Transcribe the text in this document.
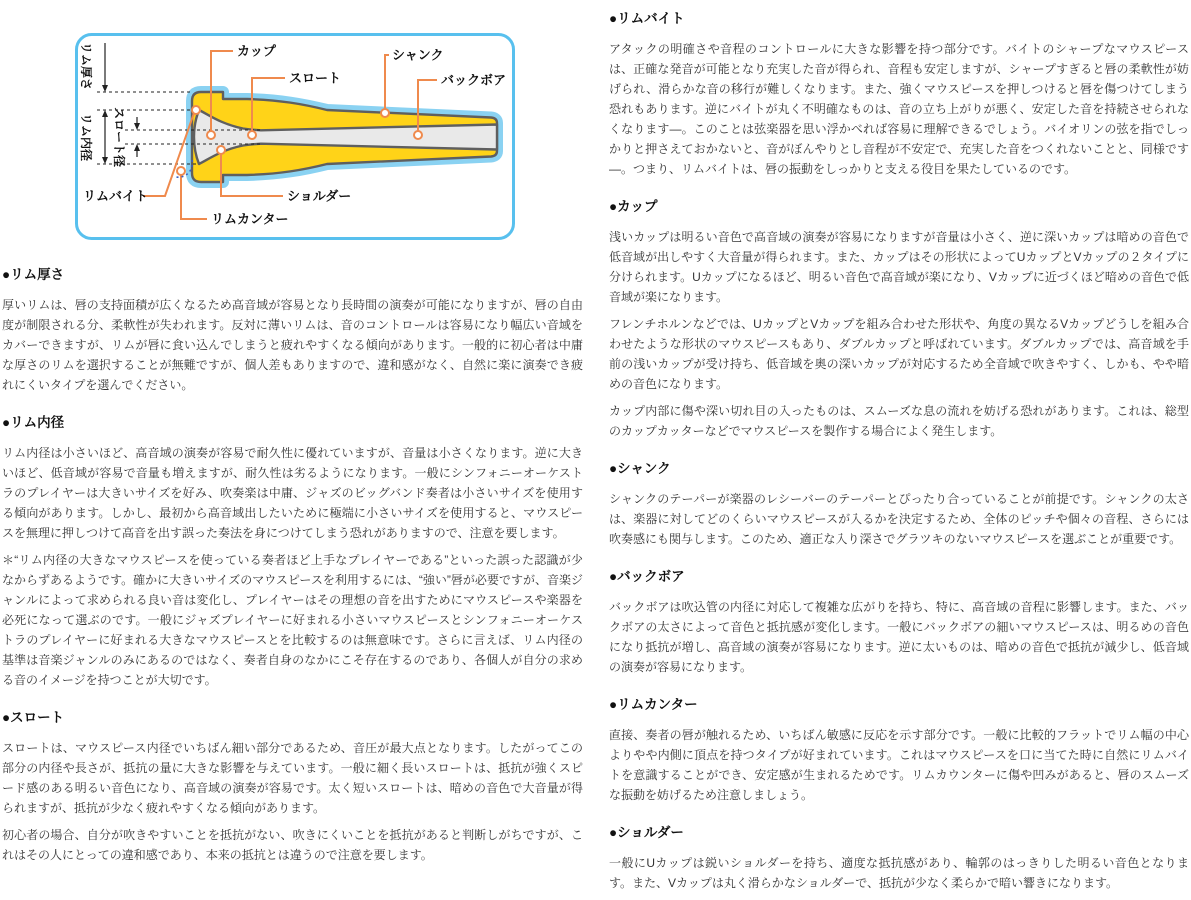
リム厚さ
リム内径 スロート径
カップ
スロート
シャンク
バックボア
リムバイト	ショルダー
リムカンター
●リム厚さ

厚いリムは、唇の支持面積が広くなるため高音域が容易となり長時間の演奏が可能になりますが、唇の自由度が制限される分、柔軟性が失われます。反対に薄いリムは、音のコントロールは容易になり幅広い音域をカバーできますが、リムが唇に食い込んでしまうと疲れやすくなる傾向があります。一般的に初心者は中庸な厚さのリムを選択することが無難ですが、個人差もありますので、違和感がなく、自然に楽に演奏でき疲れにくいタイプを選んでください。

●リム内径

リム内径は小さいほど、高音域の演奏が容易で耐久性に優れていますが、音量は小さくなります。逆に大きいほど、低音域が容易で音量も増えますが、耐久性は劣るようになります。一般にシンフォニーオーケストラのプレイヤーは大きいサイズを好み、吹奏楽は中庸、ジャズのビッグバンド奏者は小さいサイズを使用する傾向があります。しかし、最初から高音域出したいために極端に小さいサイズを使用すると、マウスピースを無理に押しつけて高音を出す誤った奏法を身につけてしまう恐れがありますので、注意を要します。

＊“リム内径の大きなマウスピースを使っている奏者ほど上手なプレイヤーである”といった誤った認識が少なからずあるようです。確かに大きいサイズのマウスピースを利用するには、“強い”唇が必要ですが、音楽ジャンルによって求められる良い音は変化し、プレイヤーはその理想の音を出すためにマウスピースや楽器を必死になって選ぶのです。一般にジャズプレイヤーに好まれる小さいマウスピースとシンフォニーオーケストラのプレイヤーに好まれる大きなマウスピースとを比較するのは無意味です。さらに言えば、リム内径の基準は音楽ジャンルのみにあるのではなく、奏者自身のなかにこそ存在するのであり、各個人が自分の求める音のイメージを持つことが大切です。

●スロート

スロートは、マウスピース内径でいちばん細い部分であるため、音圧が最大点となります。したがってこの部分の内径や長さが、抵抗の量に大きな影響を与えています。一般に細く長いスロートは、抵抗が強くスピード感のある明るい音色になり、高音域の演奏が容易です。太く短いスロートは、暗めの音色で大音量が得られますが、抵抗が少なく疲れやすくなる傾向があります。

初心者の場合、自分が吹きやすいことを抵抗がない、吹きにくいことを抵抗があると判断しがちですが、これはその人にとっての違和感であり、本来の抵抗とは違うので注意を要します。

●リムバイト

アタックの明確さや音程のコントロールに大きな影響を持つ部分です。バイトのシャープなマウスピースは、正確な発音が可能となり充実した音が得られ、音程も安定しますが、シャープすぎると唇の柔軟性が妨げられ、滑らかな音の移行が難しくなります。また、強くマウスピースを押しつけると唇を傷つけてしまう恐れもあります。逆にバイトが丸く不明確なものは、音の立ち上がりが悪く、安定した音を持続させられなくなります―。このことは弦楽器を思い浮かべれば容易に理解できるでしょう。バイオリンの弦を指でしっかりと押さえておかないと、音がぼんやりとし音程が不安定で、充実した音をつくれないことと、同様です―。つまり、リムバイトは、唇の振動をしっかりと支える役目を果たしているのです。

●カップ

浅いカップは明るい音色で高音域の演奏が容易になりますが音量は小さく、逆に深いカップは暗めの音色で低音域が出しやすく大音量が得られます。また、カップはその形状によってUカップとVカップの２タイプに分けられます。Uカップになるほど、明るい音色で高音域が楽になり、Vカップに近づくほど暗めの音色で低音域が楽になります。

フレンチホルンなどでは、UカップとVカップを組み合わせた形状や、角度の異なるVカップどうしを組み合わせたような形状のマウスピースもあり、ダブルカップと呼ばれています。ダブルカップでは、高音域を手前の浅いカップが受け持ち、低音域を奥の深いカップが対応するため全音域で吹きやすく、しかも、やや暗めの音色になります。

カップ内部に傷や深い切れ目の入ったものは、スムーズな息の流れを妨げる恐れがあります。これは、総型のカップカッターなどでマウスピースを製作する場合によく発生します。

●シャンク

シャンクのテーパーが楽器のレシーバーのテーパーとぴったり合っていることが前提です。シャンクの太さは、楽器に対してどのくらいマウスピースが入るかを決定するため、全体のピッチや個々の音程、さらには吹奏感にも関与します。このため、適正な入り深さでグラツキのないマウスピースを選ぶことが重要です。

●バックボア

バックボアは吹込管の内径に対応して複雑な広がりを持ち、特に、高音域の音程に影響します。また、バックボアの太さによって音色と抵抗感が変化します。一般にバックボアの細いマウスピースは、明るめの音色になり抵抗が増し、高音域の演奏が容易になります。逆に太いものは、暗めの音色で抵抗が減少し、低音域の演奏が容易になります。

●リムカンター

直接、奏者の唇が触れるため、いちばん敏感に反応を示す部分です。一般に比較的フラットでリム幅の中心よりやや内側に頂点を持つタイプが好まれています。これはマウスピースを口に当てた時に自然にリムバイトを意識することができ、安定感が生まれるためです。リムカウンターに傷や凹みがあると、唇のスムーズな振動を妨げるため注意しましょう。

●ショルダー

一般にUカップは鋭いショルダーを持ち、適度な抵抗感があり、輪郭のはっきりした明るい音色となります。また、Vカップは丸く滑らかなショルダーで、抵抗が少なく柔らかで暗い響きになります。
